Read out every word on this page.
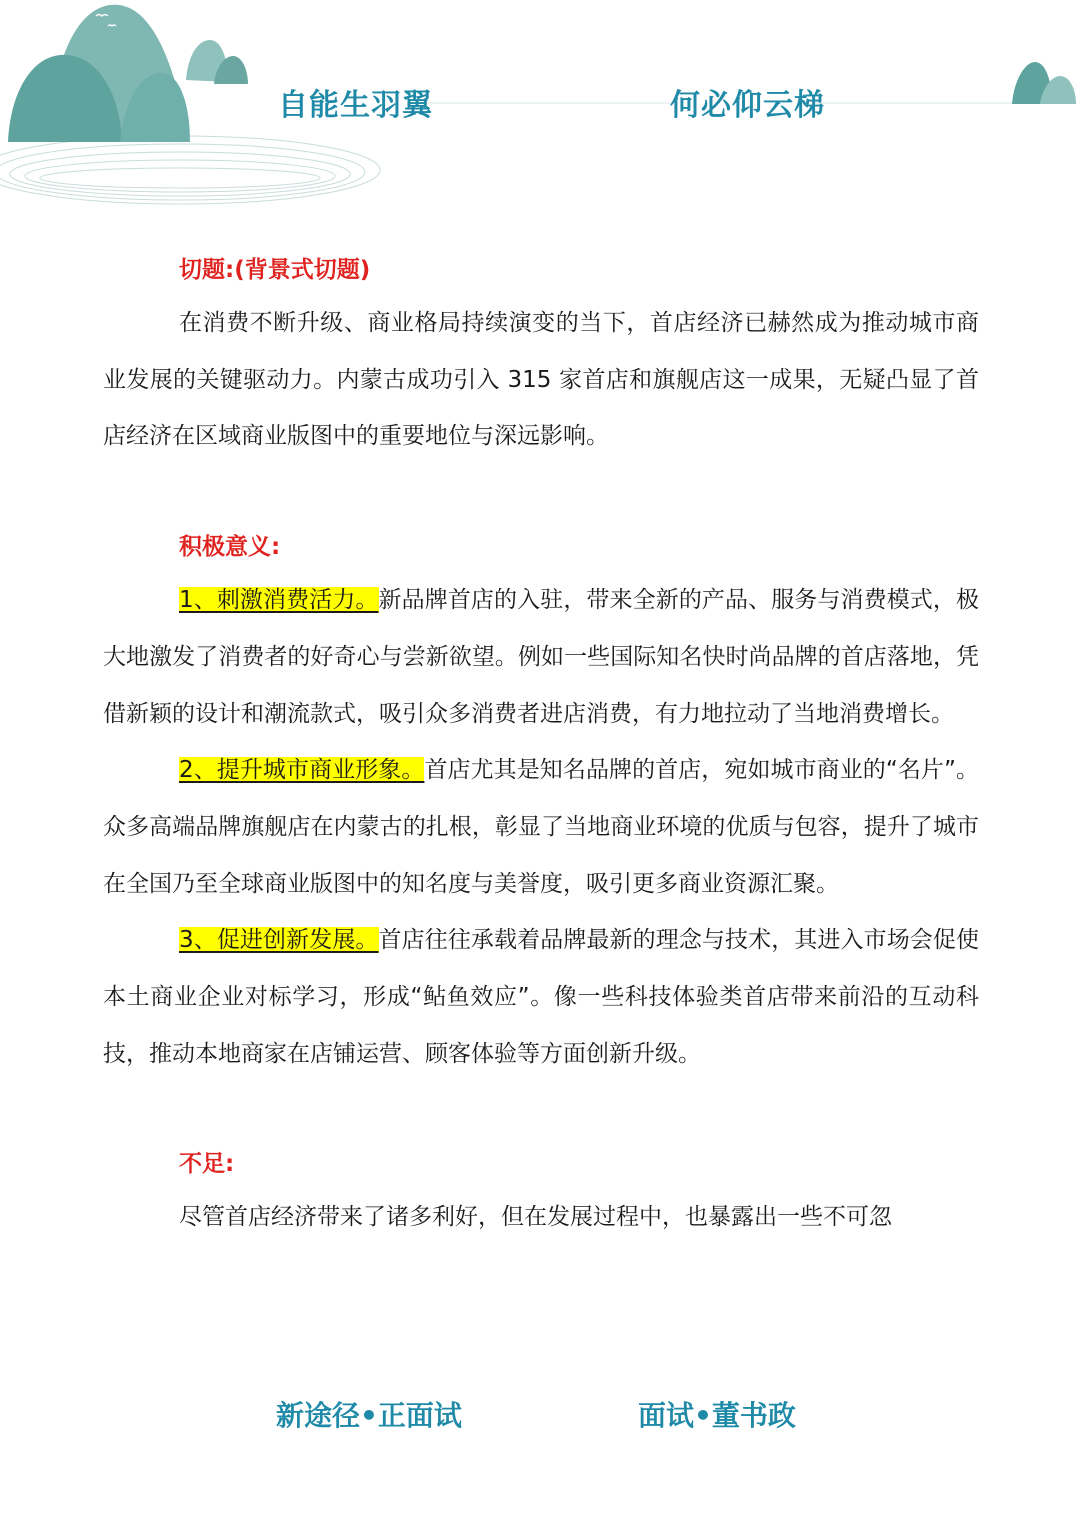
自能生羽翼	何必仰云梯

切题:(背景式切题)

在消费不断升级、商业格局持续演变的当下，首店经济已赫然成为推动城市商业发展的关键驱动力。内蒙古成功引入 315 家首店和旗舰店这一成果，无疑凸显了首店经济在区域商业版图中的重要地位与深远影响。

积极意义:

1、刺激消费活力。新品牌首店的入驻，带来全新的产品、服务与消费模式，极大地激发了消费者的好奇心与尝新欲望。例如一些国际知名快时尚品牌的首店落地，凭借新颖的设计和潮流款式，吸引众多消费者进店消费，有力地拉动了当地消费增长。

2、提升城市商业形象。首店尤其是知名品牌的首店，宛如城市商业的“名片”。众多高端品牌旗舰店在内蒙古的扎根，彰显了当地商业环境的优质与包容，提升了城市在全国乃至全球商业版图中的知名度与美誉度，吸引更多商业资源汇聚。

3、促进创新发展。首店往往承载着品牌最新的理念与技术，其进入市场会促使本土商业企业对标学习，形成“鲇鱼效应”。像一些科技体验类首店带来前沿的互动科技，推动本地商家在店铺运营、顾客体验等方面创新升级。

不足:

尽管首店经济带来了诸多利好，但在发展过程中，也暴露出一些不可忽

新途径•正面试	面试•董书政
